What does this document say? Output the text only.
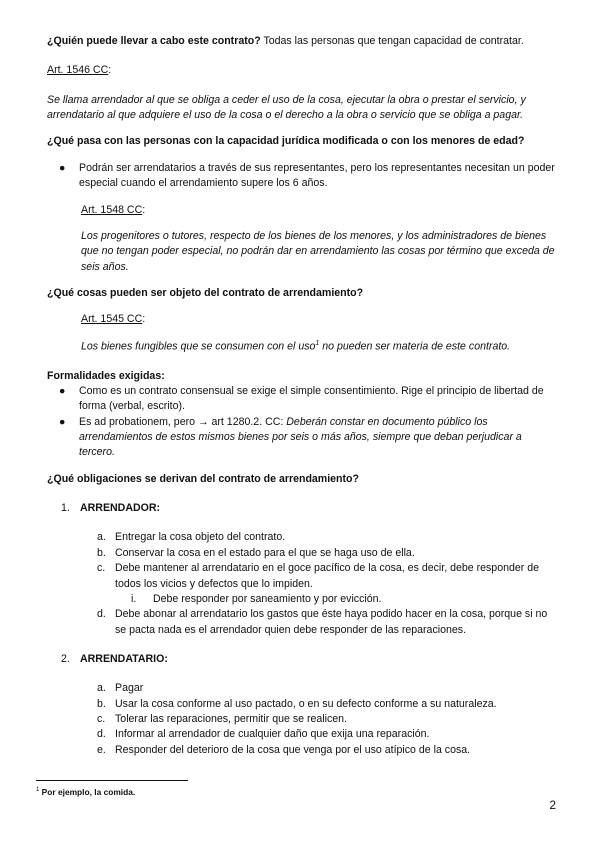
¿Quién puede llevar a cabo este contrato? Todas las personas que tengan capacidad de contratar.

Art. 1546 CC:

Se llama arrendador al que se obliga a ceder el uso de la cosa, ejecutar la obra o prestar el servicio, y arrendatario al que adquiere el uso de la cosa o el derecho a la obra o servicio que se obliga a pagar.

¿Qué pasa con las personas con la capacidad jurídica modificada o con los menores de edad?

●	Podrán ser arrendatarios a través de sus representantes, pero los representantes necesitan un poder especial cuando el arrendamiento supere los 6 años.

Art. 1548 CC:

Los progenitores o tutores, respecto de los bienes de los menores, y los administradores de bienes que no tengan poder especial, no podrán dar en arrendamiento las cosas por término que exceda de seis años.

¿Qué cosas pueden ser objeto del contrato de arrendamiento?

Art. 1545 CC:

Los bienes fungibles que se consumen con el uso$^1$ no pueden ser materia de este contrato.

Formalidades exigidas:

●	Como es un contrato consensual se exige el simple consentimiento. Rige el principio de libertad de forma (verbal, escrito).
●	Es ad probationem, pero → art 1280.2. CC: Deberán constar en documento público los arrendamientos de estos mismos bienes por seis o más años, siempre que deban perjudicar a tercero.

¿Qué obligaciones se derivan del contrato de arrendamiento?

1. ARRENDADOR:
a. Entregar la cosa objeto del contrato.
b. Conservar la cosa en el estado para el que se haga uso de ella.
c. Debe mantener al arrendatario en el goce pacífico de la cosa, es decir, debe responder de todos los vicios y defectos que lo impiden.
i.	Debe responder por saneamiento y por evicción.
d. Debe abonar al arrendatario los gastos que éste haya podido hacer en la cosa, porque si no se pacta nada es el arrendador quien debe responder de las reparaciones.
2. ARRENDATARIO:
a. Pagar
b. Usar la cosa conforme al uso pactado, o en su defecto conforme a su naturaleza.
c. Tolerar las reparaciones, permitir que se realicen.
d. Informar al arrendador de cualquier daño que exija una reparación.
e. Responder del deterioro de la cosa que venga por el uso atípico de la cosa.
$^1$ Por ejemplo, la comida.
2
